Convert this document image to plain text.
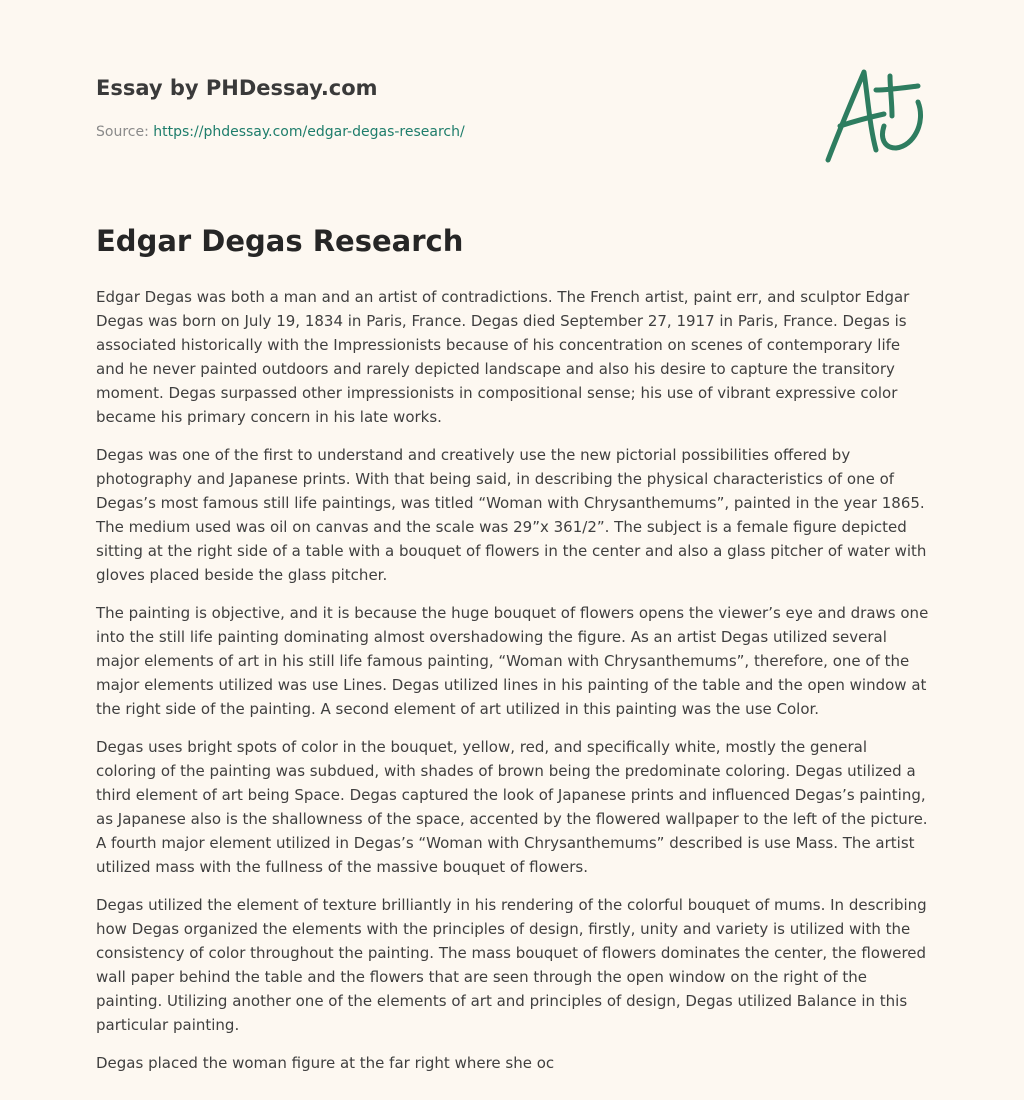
Essay by PHDessay.com

Source: https://phdessay.com/edgar-degas-research/
Edgar Degas Research

Edgar Degas was both a man and an artist of contradictions. The French artist, paint err, and sculptor Edgar Degas was born on July 19, 1834 in Paris, France. Degas died September 27, 1917 in Paris, France. Degas is associated historically with the Impressionists because of his concentration on scenes of contemporary life and he never painted outdoors and rarely depicted landscape and also his desire to capture the transitory moment. Degas surpassed other impressionists in compositional sense; his use of vibrant expressive color became his primary concern in his late works.

Degas was one of the first to understand and creatively use the new pictorial possibilities offered by photography and Japanese prints. With that being said, in describing the physical characteristics of one of Degas’s most famous still life paintings, was titled “Woman with Chrysanthemums”, painted in the year 1865. The medium used was oil on canvas and the scale was 29”x 361/2”. The subject is a female figure depicted sitting at the right side of a table with a bouquet of flowers in the center and also a glass pitcher of water with gloves placed beside the glass pitcher.

The painting is objective, and it is because the huge bouquet of flowers opens the viewer’s eye and draws one into the still life painting dominating almost overshadowing the figure. As an artist Degas utilized several major elements of art in his still life famous painting, “Woman with Chrysanthemums”, therefore, one of the major elements utilized was use Lines. Degas utilized lines in his painting of the table and the open window at the right side of the painting. A second element of art utilized in this painting was the use Color.

Degas uses bright spots of color in the bouquet, yellow, red, and specifically white, mostly the general coloring of the painting was subdued, with shades of brown being the predominate coloring. Degas utilized a third element of art being Space. Degas captured the look of Japanese prints and influenced Degas’s painting, as Japanese also is the shallowness of the space, accented by the flowered wallpaper to the left of the picture. A fourth major element utilized in Degas’s “Woman with Chrysanthemums” described is use Mass. The artist utilized mass with the fullness of the massive bouquet of flowers.

Degas utilized the element of texture brilliantly in his rendering of the colorful bouquet of mums. In describing how Degas organized the elements with the principles of design, firstly, unity and variety is utilized with the consistency of color throughout the painting. The mass bouquet of flowers dominates the center, the flowered wall paper behind the table and the flowers that are seen through the open window on the right of the painting. Utilizing another one of the elements of art and principles of design, Degas utilized Balance in this particular painting.

Degas placed the woman figure at the far right where she oc
